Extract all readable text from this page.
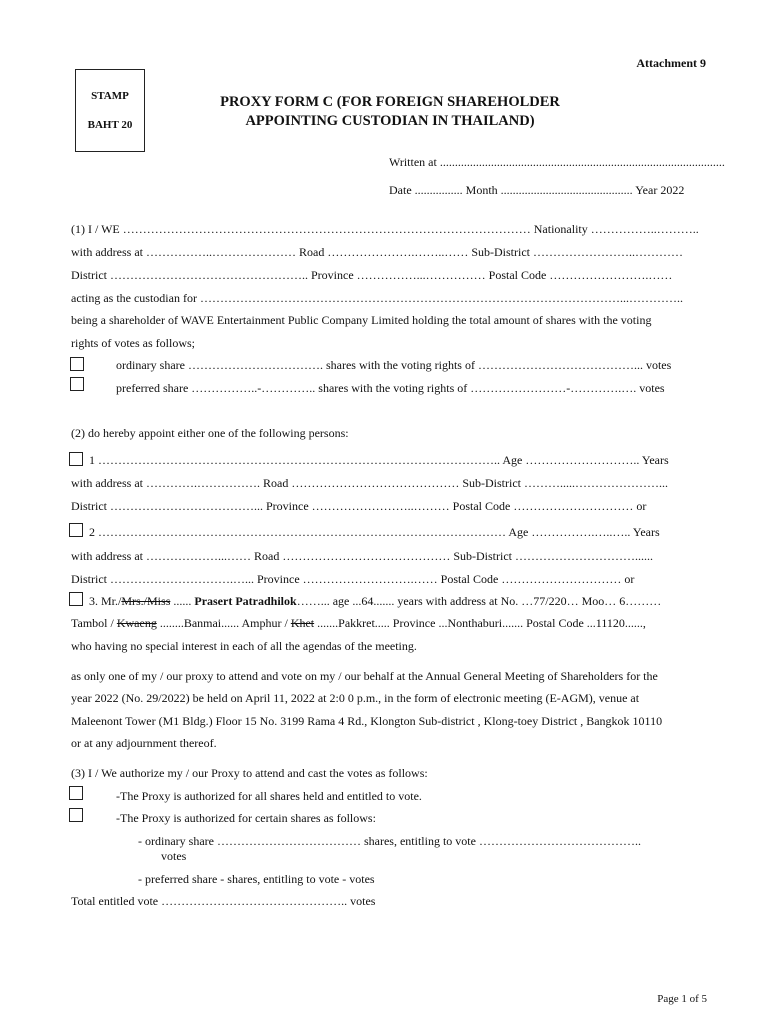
Attachment 9
STAMP
BAHT 20
PROXY FORM C (FOR FOREIGN SHAREHOLDER
APPOINTING CUSTODIAN IN THAILAND)
Written at ...............................................................................................
Date ................ Month ............................................ Year 2022
(1) I / WE ………………………………………………………………………………………… Nationality ……………..………..
with address at ……………..………………… Road ………………….……..…… Sub-District ……………………..…………
District ………………………………………….. Province ……………...…………… Postal Code …………………….……
acting as the custodian for ……………………………………………………………………………………………...…………..
being a shareholder of WAVE Entertainment Public Company Limited holding the total amount of shares with the voting
rights of votes as follows;
ordinary share ……………………………. shares with the voting rights of …………………………………... votes
preferred share ……………..-………….. shares with the voting rights of ……………………-………….…. votes
(2) do hereby appoint either one of the following persons:
1 ……………………………………………………………………………………….. Age ……………………….. Years
with address at ………….……………. Road …………………………………… Sub-District ……….....…………………...
District ………………………………... Province ……………………..……… Postal Code ………………………… or
2 ………………………………………………………………………………………… Age …………….…..….. Years
with address at ………………...…… Road …………………………………… Sub-District …………………………......
District ………………………….…... Province ……………………….…… Postal Code ………………………… or
3. Mr./Mrs./Miss ...... Prasert Patradhilok……... age ...64....... years with address at No. …77/220… Moo… 6………
Tambol / Kwaeng ........Banmai...... Amphur / Khet .......Pakkret..... Province ...Nonthaburi....... Postal Code ...11120......,
who having no special interest in each of all the agendas of the meeting.
as only one of my / our proxy to attend and vote on my / our behalf at the Annual General Meeting of Shareholders for the
year 2022 (No. 29/2022) be held on April 11, 2022 at 2:0 0 p.m., in the form of electronic meeting (E-AGM), venue at
Maleenont Tower (M1 Bldg.) Floor 15 No. 3199 Rama 4 Rd., Klongton Sub-district , Klong-toey District , Bangkok 10110
or at any adjournment thereof.
(3) I / We authorize my / our Proxy to attend and cast the votes as follows:
-The Proxy is authorized for all shares held and entitled to vote.
-The Proxy is authorized for certain shares as follows:
- ordinary share ……………………………… shares, entitling to vote …………………………………..
votes
- preferred share - shares, entitling to vote - votes
Total entitled vote ……………………………………….. votes
Page 1 of 5
